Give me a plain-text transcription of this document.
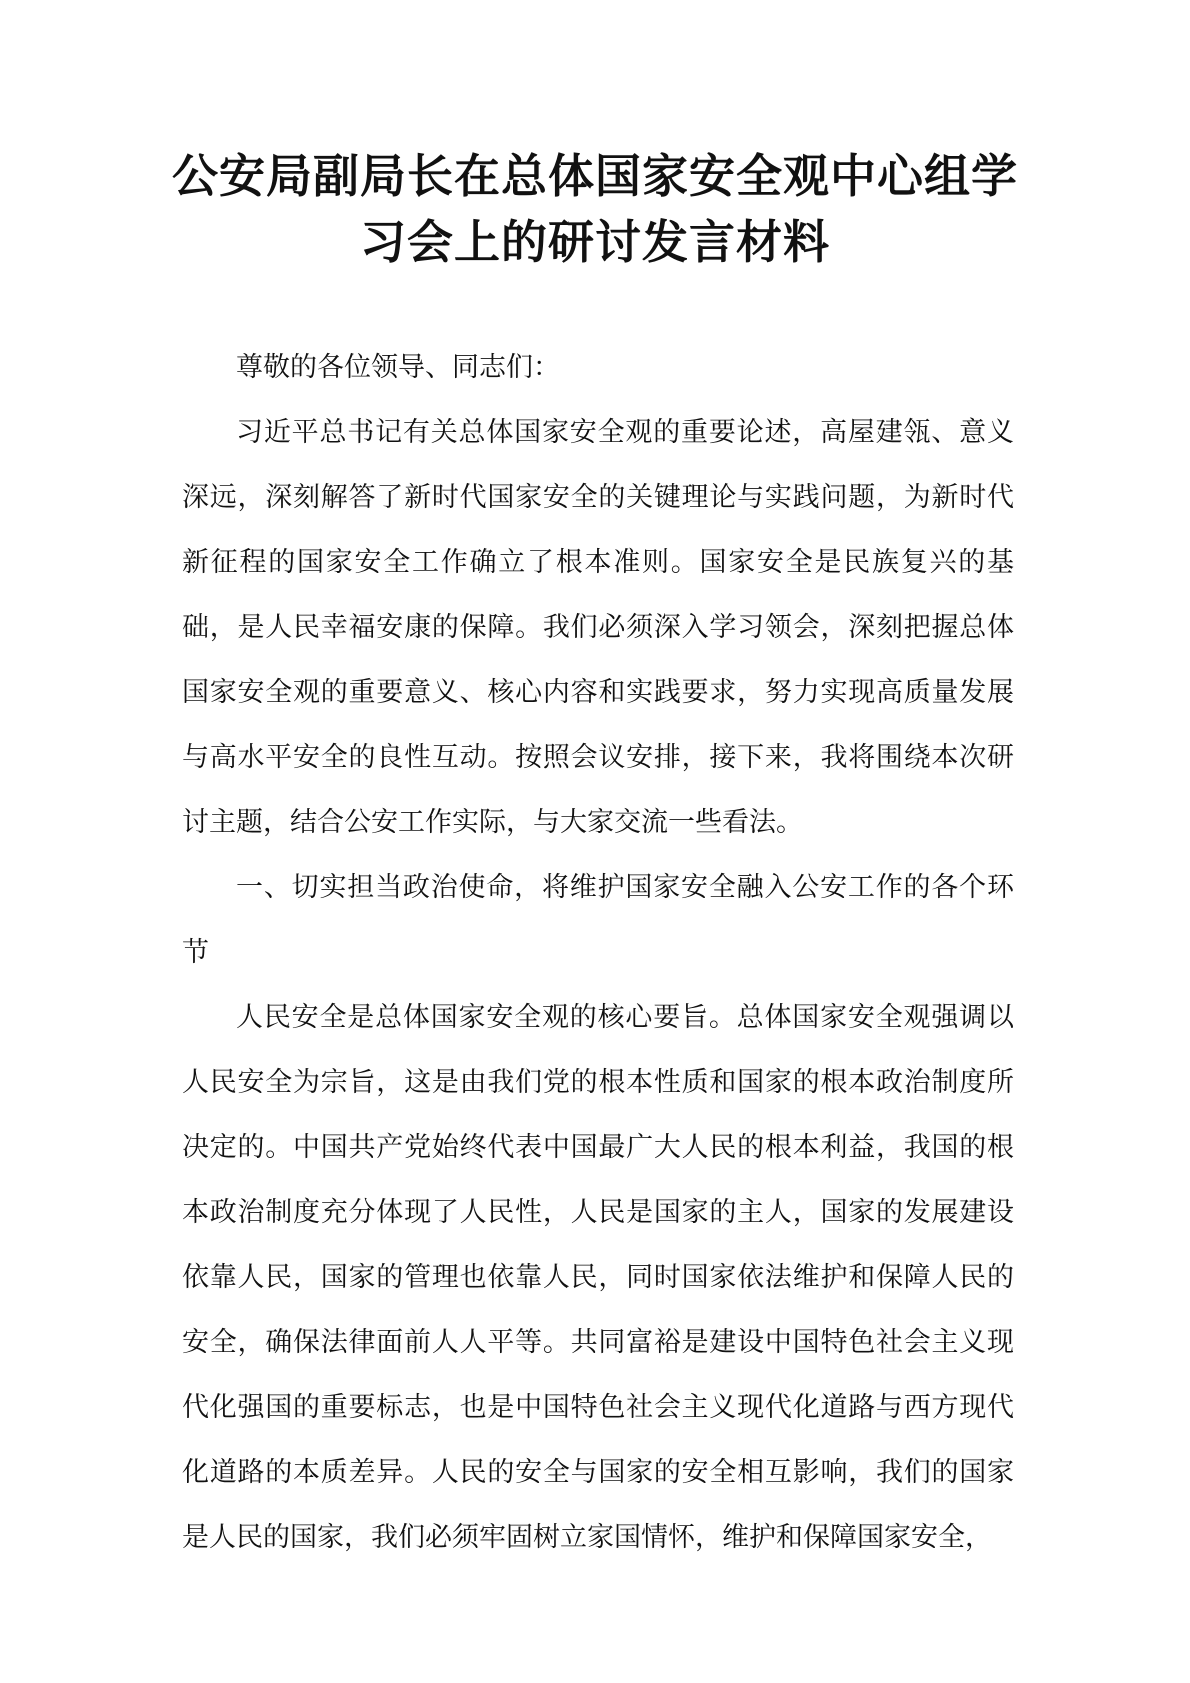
公安局副局长在总体国家安全观中心组学
习会上的研讨发言材料

尊敬的各位领导、同志们：

习近平总书记有关总体国家安全观的重要论述，高屋建瓴、意义深远，深刻解答了新时代国家安全的关键理论与实践问题，为新时代新征程的国家安全工作确立了根本准则。国家安全是民族复兴的基础，是人民幸福安康的保障。我们必须深入学习领会，深刻把握总体国家安全观的重要意义、核心内容和实践要求，努力实现高质量发展与高水平安全的良性互动。按照会议安排，接下来，我将围绕本次研讨主题，结合公安工作实际，与大家交流一些看法。

一、切实担当政治使命，将维护国家安全融入公安工作的各个环节

人民安全是总体国家安全观的核心要旨。总体国家安全观强调以人民安全为宗旨，这是由我们党的根本性质和国家的根本政治制度所决定的。中国共产党始终代表中国最广大人民的根本利益，我国的根本政治制度充分体现了人民性，人民是国家的主人，国家的发展建设依靠人民，国家的管理也依靠人民，同时国家依法维护和保障人民的安全，确保法律面前人人平等。共同富裕是建设中国特色社会主义现代化强国的重要标志，也是中国特色社会主义现代化道路与西方现代化道路的本质差异。人民的安全与国家的安全相互影响，我们的国家是人民的国家，我们必须牢固树立家国情怀，维护和保障国家安全，
